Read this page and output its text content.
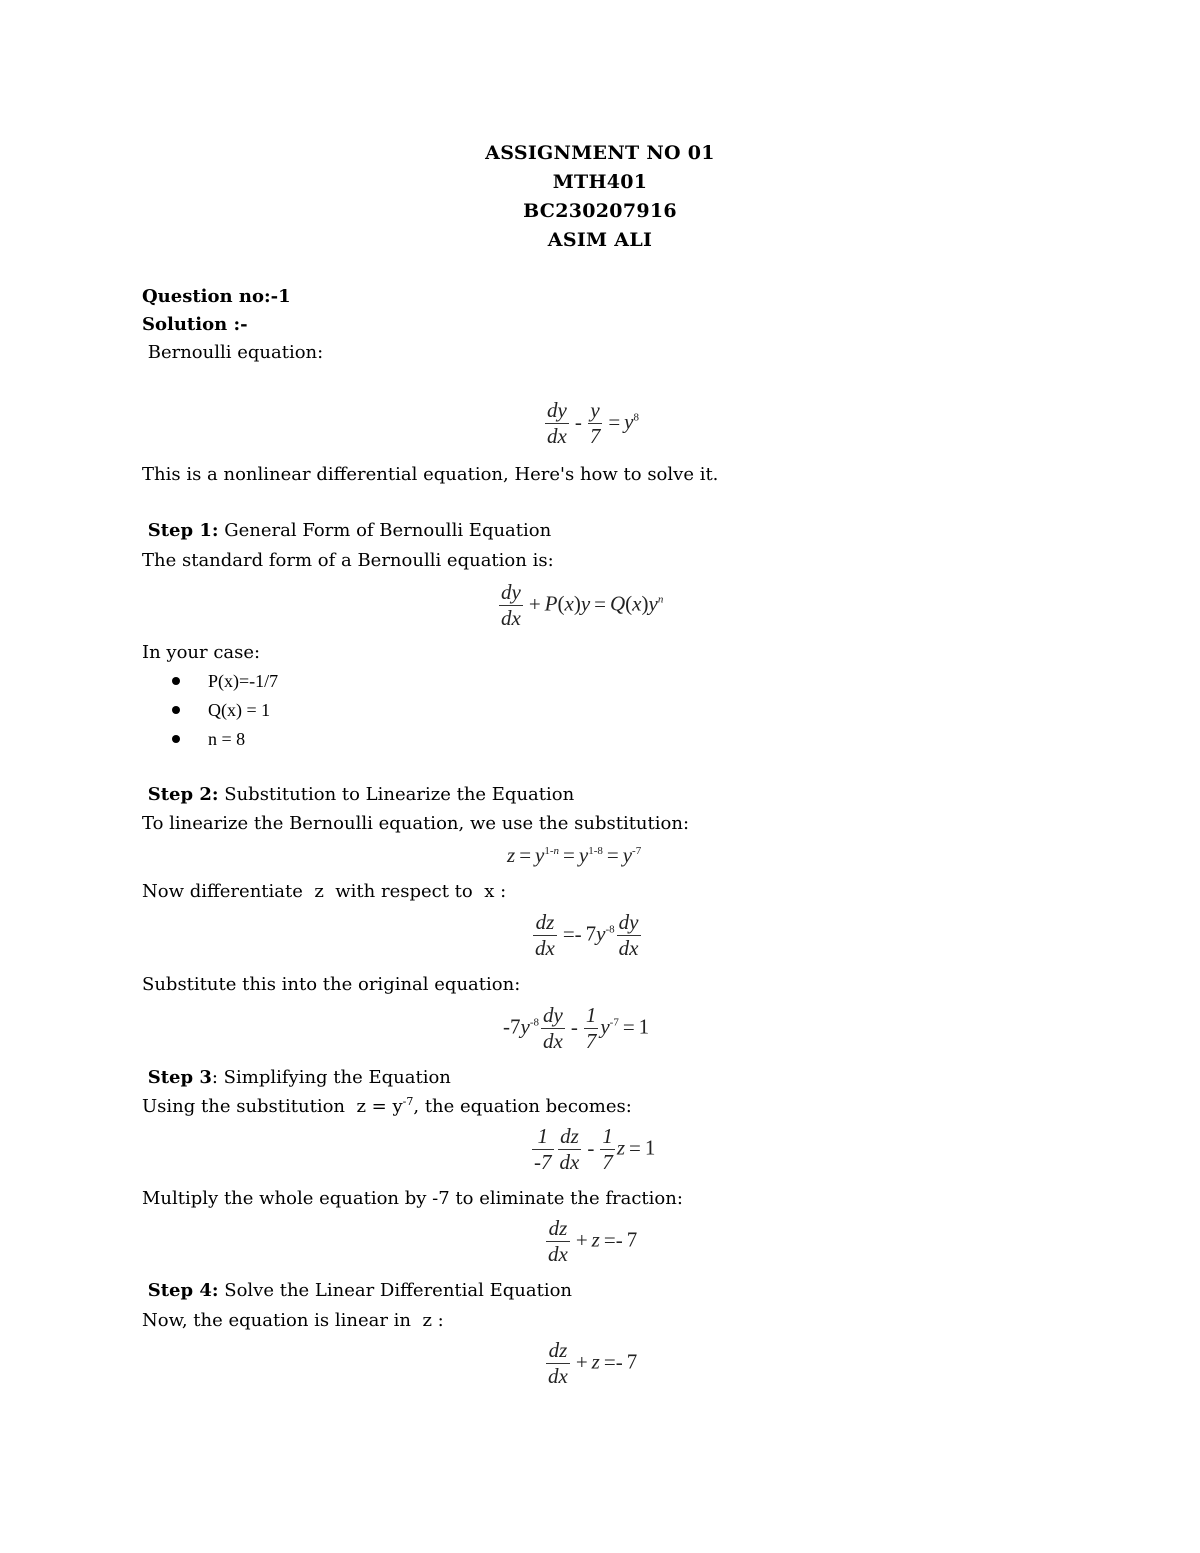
ASSIGNMENT NO 01
MTH401
BC230207916
ASIM ALI
Question no:-1
Solution :-
Bernoulli equation:
$\frac{dy}{dx} - \frac{y}{7} = y^8$
This is a nonlinear differential equation, Here's how to solve it.
Step 1: General Form of Bernoulli Equation
The standard form of a Bernoulli equation is:
$\frac{dy}{dx} + P(x)y = Q(x)y^n$
In your case:
P(x)=-1/7
Q(x) = 1
n = 8
Step 2: Substitution to Linearize the Equation
To linearize the Bernoulli equation, we use the substitution:
$z = y^{1-n} = y^{1-8} = y^{-7}$
Now differentiate  z  with respect to  x :
$\frac{dz}{dx} =- 7y^{-8} \frac{dy}{dx}$
Substitute this into the original equation:
$-7y^{-8} \frac{dy}{dx} - \frac{1}{7} y^{-7} = 1$
Step 3: Simplifying the Equation
Using the substitution  $z = y^{-7}$, the equation becomes:
$\frac{1}{-7} \frac{dz}{dx} - \frac{1}{7}$ z = 1
Multiply the whole equation by -7 to eliminate the fraction:
$\frac{dz}{dx} + z =- 7$
Step 4: Solve the Linear Differential Equation
Now, the equation is linear in  z :
$\frac{dz}{dx} + z =- 7$
